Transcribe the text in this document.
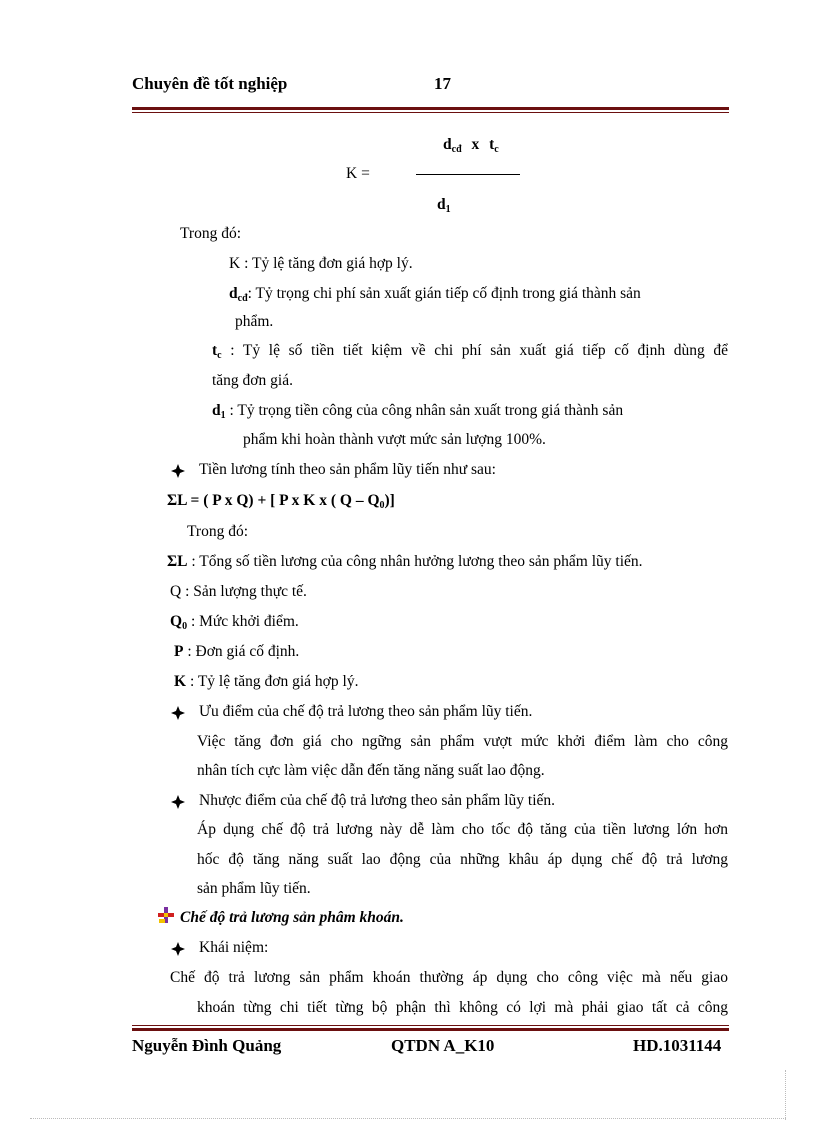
Chuyên đề tốt nghiệp	17
$d_{cđ}$ x $t_c$
K =
$d_1$
Trong đó:
K : Tỷ lệ tăng đơn giá hợp lý.
$d_{cđ}$: Tỷ trọng chi phí sản xuất gián tiếp cố định trong giá thành sản
phẩm.
$t_c$ : Tỷ lệ số tiền tiết kiệm về chi phí sản xuất giá tiếp cố định dùng để
tăng đơn giá.
$d_1$ : Tỷ trọng tiền công của công nhân sản xuất trong giá thành sản
phẩm khi hoàn thành vượt mức sản lượng 100%.
Tiền lương tính theo sản phẩm lũy tiến như sau:
ΣL = ( P x Q) + [ P x K x ( Q – $Q_0$)]
Trong đó:
ΣL : Tổng số tiền lương của công nhân hưởng lương theo sản phẩm lũy tiến.
Q : Sản lượng thực tế.
$Q_0$ : Mức khởi điểm.
P : Đơn giá cố định.
K : Tỷ lệ tăng đơn giá hợp lý.
Ưu điểm của chế độ trả lương theo sản phẩm lũy tiến.
Việc tăng đơn giá cho ngững sản phẩm vượt mức khởi điểm làm cho công
nhân tích cực làm việc dẫn đến tăng năng suất lao động.
Nhược điểm của chế độ trả lương theo sản phẩm lũy tiến.
Áp dụng chế độ trả lương này dễ làm cho tốc độ tăng của tiền lương lớn hơn
hốc độ tăng năng suất lao động của những khâu áp dụng chế độ trả lương
sản phẩm lũy tiến.
Chế độ trả lương sản phâm khoán.
Khái niệm:
Chế độ trả lương sản phẩm khoán thường áp dụng cho công việc mà nếu giao
khoán từng chi tiết từng bộ phận thì không có lợi mà phải giao tất cả công
Nguyễn Đình Quảng	QTDN A_K10	HD.1031144
